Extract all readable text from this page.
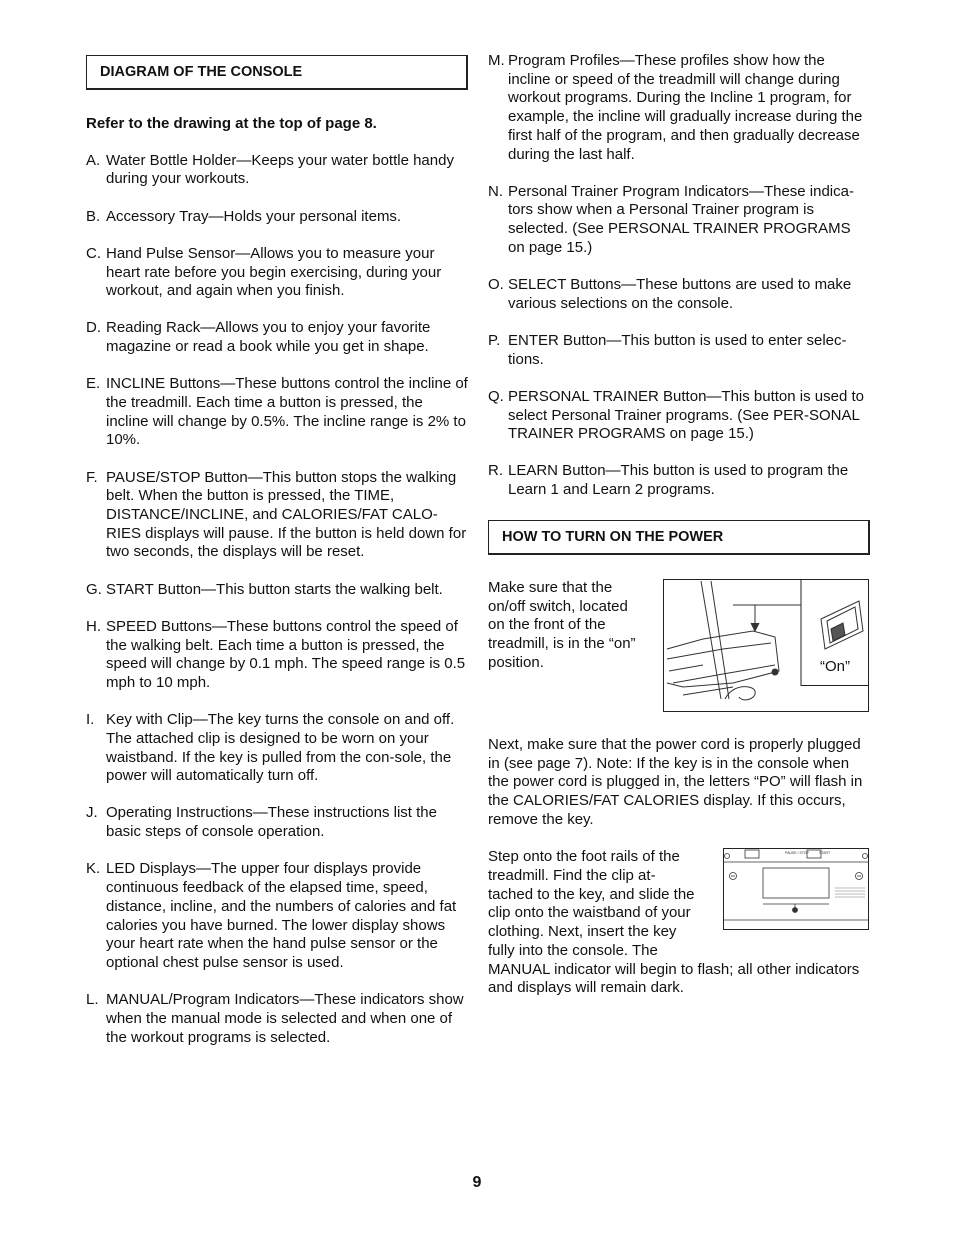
DIAGRAM OF THE CONSOLE
Refer to the drawing at the top of page 8.
A. Water Bottle Holder—Keeps your water bottle handy during your workouts.
B. Accessory Tray—Holds your personal items.
C. Hand Pulse Sensor—Allows you to measure your heart rate before you begin exercising, during your workout, and again when you finish.
D. Reading Rack—Allows you to enjoy your favorite magazine or read a book while you get in shape.
E. INCLINE Buttons—These buttons control the incline of the treadmill. Each time a button is pressed, the incline will change by 0.5%. The incline range is 2% to 10%.
F. PAUSE/STOP Button—This button stops the walking belt. When the button is pressed, the TIME, DISTANCE/INCLINE, and CALORIES/FAT CALO-RIES displays will pause. If the button is held down for two seconds, the displays will be reset.
G. START Button—This button starts the walking belt.
H. SPEED Buttons—These buttons control the speed of the walking belt. Each time a button is pressed, the speed will change by 0.1 mph. The speed range is 0.5 mph to 10 mph.
I. Key with Clip—The key turns the console on and off. The attached clip is designed to be worn on your waistband. If the key is pulled from the con-sole, the power will automatically turn off.
J. Operating Instructions—These instructions list the basic steps of console operation.
K. LED Displays—The upper four displays provide continuous feedback of the elapsed time, speed, distance, incline, and the numbers of calories and fat calories you have burned. The lower display shows your heart rate when the hand pulse sensor or the optional chest pulse sensor is used.
L. MANUAL/Program Indicators—These indicators show when the manual mode is selected and when one of the workout programs is selected.
M. Program Profiles—These profiles show how the incline or speed of the treadmill will change during workout programs. During the Incline 1 program, for example, the incline will gradually increase during the first half of the program, and then gradually decrease during the last half.
N. Personal Trainer Program Indicators—These indica-tors show when a Personal Trainer program is selected. (See PERSONAL TRAINER PROGRAMS on page 15.)
O. SELECT Buttons—These buttons are used to make various selections on the console.
P. ENTER Button—This button is used to enter selec-tions.
Q. PERSONAL TRAINER Button—This button is used to select Personal Trainer programs. (See PER-SONAL TRAINER PROGRAMS on page 15.)
R. LEARN Button—This button is used to program the Learn 1 and Learn 2 programs.
HOW TO TURN ON THE POWER
Make sure that the on/off switch, located on the front of the treadmill, is in the “on” position.	“On”
Next, make sure that the power cord is properly plugged in (see page 7). Note: If the key is in the console when the power cord is plugged in, the letters “PO” will flash in the CALORIES/FAT CALORIES display. If this occurs, remove the key.
Step onto the foot rails of the treadmill. Find the clip at-tached to the key, and slide the clip onto the waistband of your clothing. Next, insert the key fully into the console. The
MANUAL indicator will begin to flash; all other indicators and displays will remain dark.
PAUSE / STOP	START
9
